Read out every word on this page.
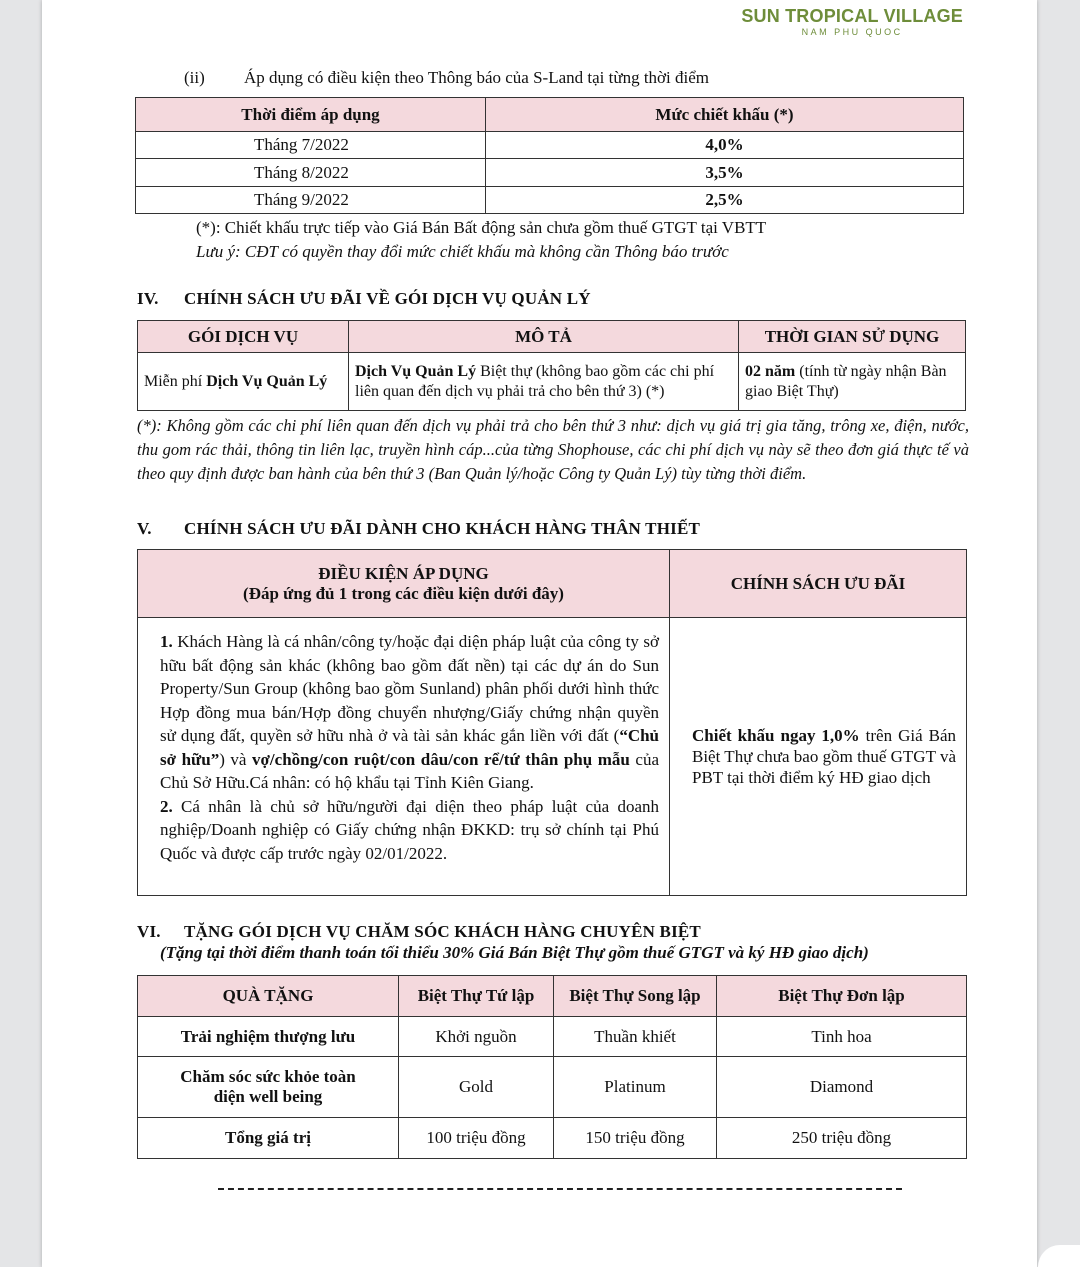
SUN TROPICAL VILLAGE
NAM PHU QUOC
(ii) Áp dụng có điều kiện theo Thông báo của S-Land tại từng thời điểm
Thời điểm áp dụng	Mức chiết khấu (*)
Tháng 7/2022	4,0%
Tháng 8/2022	3,5%
Tháng 9/2022	2,5%
(*): Chiết khấu trực tiếp vào Giá Bán Bất động sản chưa gồm thuế GTGT tại VBTT
Lưu ý: CĐT có quyền thay đổi mức chiết khấu mà không cần Thông báo trước
IV. CHÍNH SÁCH ƯU ĐÃI VỀ GÓI DỊCH VỤ QUẢN LÝ
GÓI DỊCH VỤ	MÔ TẢ	THỜI GIAN SỬ DỤNG
Miễn phí Dịch Vụ Quản Lý	Dịch Vụ Quản Lý Biệt thự (không bao gồm các chi phí liên quan đến dịch vụ phải trả cho bên thứ 3) (*)	02 năm (tính từ ngày nhận Bàn giao Biệt Thự)
(*): Không gồm các chi phí liên quan đến dịch vụ phải trả cho bên thứ 3 như: dịch vụ giá trị gia tăng, trông xe, điện, nước, thu gom rác thải, thông tin liên lạc, truyền hình cáp...của từng Shophouse, các chi phí dịch vụ này sẽ theo đơn giá thực tế và theo quy định được ban hành của bên thứ 3 (Ban Quản lý/hoặc Công ty Quản Lý) tùy từng thời điểm.
V. CHÍNH SÁCH ƯU ĐÃI DÀNH CHO KHÁCH HÀNG THÂN THIẾT
ĐIỀU KIỆN ÁP DỤNG
(Đáp ứng đủ 1 trong các điều kiện dưới đây)	CHÍNH SÁCH ƯU ĐÃI

1. Khách Hàng là cá nhân/công ty/hoặc đại diện pháp luật của công ty sở hữu bất động sản khác (không bao gồm đất nền) tại các dự án do Sun Property/Sun Group (không bao gồm Sunland) phân phối dưới hình thức Hợp đồng mua bán/Hợp đồng chuyển nhượng/Giấy chứng nhận quyền sử dụng đất, quyền sở hữu nhà ở và tài sản khác gắn liền với đất (“Chủ sở hữu”) và vợ/chồng/con ruột/con dâu/con rể/tứ thân phụ mẫu của Chủ Sở Hữu.Cá nhân: có hộ khẩu tại Tỉnh Kiên Giang.
2. Cá nhân là chủ sở hữu/người đại diện theo pháp luật của doanh nghiệp/Doanh nghiệp có Giấy chứng nhận ĐKKD: trụ sở chính tại Phú Quốc và được cấp trước ngày 02/01/2022.	Chiết khấu ngay 1,0% trên Giá Bán Biệt Thự chưa bao gồm thuế GTGT và PBT tại thời điểm ký HĐ giao dịch
VI. TẶNG GÓI DỊCH VỤ CHĂM SÓC KHÁCH HÀNG CHUYÊN BIỆT
(Tặng tại thời điểm thanh toán tối thiểu 30% Giá Bán Biệt Thự gồm thuế GTGT và ký HĐ giao dịch)
QUÀ TẶNG	Biệt Thự Tứ lập	Biệt Thự Song lập	Biệt Thự Đơn lập
Trải nghiệm thượng lưu	Khởi nguồn	Thuần khiết	Tinh hoa
Chăm sóc sức khỏe toàn diện well being	Gold	Platinum	Diamond
Tổng giá trị	100 triệu đồng	150 triệu đồng	250 triệu đồng
